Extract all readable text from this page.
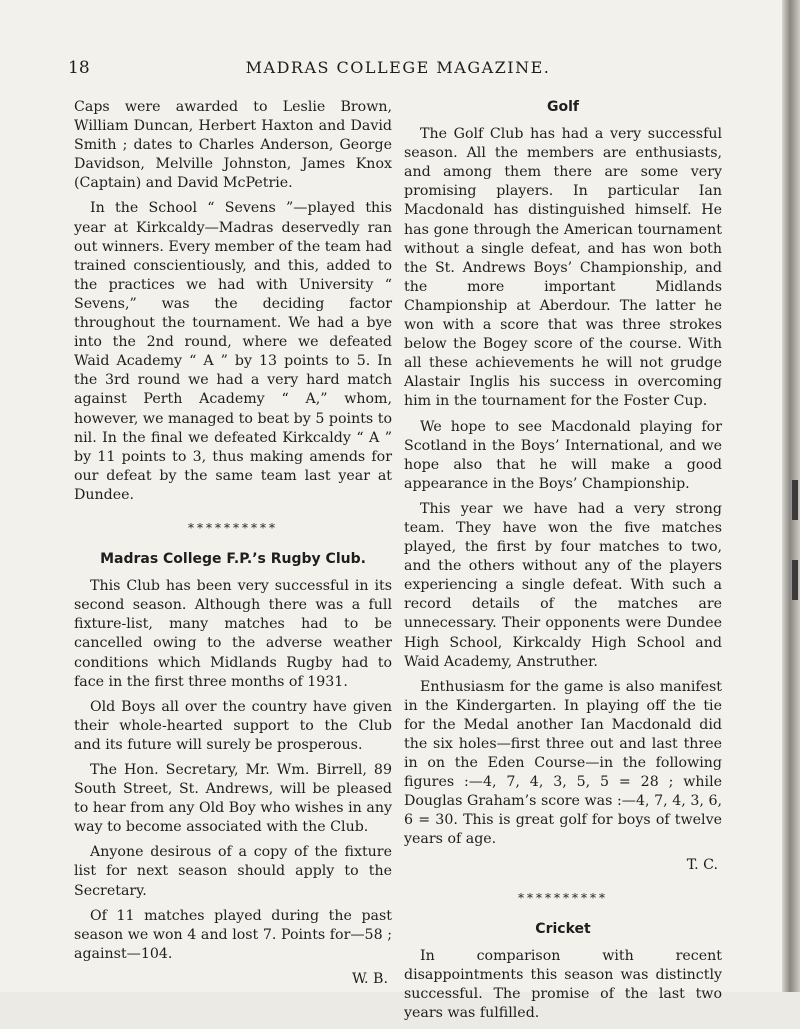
18	MADRAS COLLEGE MAGAZINE.

Caps were awarded to Leslie Brown, William Duncan, Herbert Haxton and David Smith ; dates to Charles Anderson, George Davidson, Melville Johnston, James Knox (Captain) and David McPetrie.

In the School “ Sevens ”—played this year at Kirkcaldy—Madras deservedly ran out winners. Every member of the team had trained conscientiously, and this, added to the practices we had with University “ Sevens,” was the deciding factor throughout the tournament. We had a bye into the 2nd round, where we defeated Waid Academy “ A ” by 13 points to 5. In the 3rd round we had a very hard match against Perth Academy “ A,” whom, however, we managed to beat by 5 points to nil. In the final we defeated Kirkcaldy “ A ” by 11 points to 3, thus making amends for our defeat by the same team last year at Dundee.

**********
Madras College F.P.’s Rugby Club.

This Club has been very successful in its second season. Although there was a full fixture-list, many matches had to be cancelled owing to the adverse weather conditions which Midlands Rugby had to face in the first three months of 1931.

Old Boys all over the country have given their whole-hearted support to the Club and its future will surely be prosperous.

The Hon. Secretary, Mr. Wm. Birrell, 89 South Street, St. Andrews, will be pleased to hear from any Old Boy who wishes in any way to become associated with the Club.

Anyone desirous of a copy of the fixture list for next season should apply to the Secretary.

Of 11 matches played during the past season we won 4 and lost 7. Points for—58 ; against—104.

W. B.
Golf

The Golf Club has had a very successful season. All the members are enthusiasts, and among them there are some very promising players. In particular Ian Macdonald has distinguished himself. He has gone through the American tournament without a single defeat, and has won both the St. Andrews Boys’ Championship, and the more important Midlands Championship at Aberdour. The latter he won with a score that was three strokes below the Bogey score of the course. With all these achievements he will not grudge Alastair Inglis his success in overcoming him in the tournament for the Foster Cup.

We hope to see Macdonald playing for Scotland in the Boys’ International, and we hope also that he will make a good appearance in the Boys’ Championship.

This year we have had a very strong team. They have won the five matches played, the first by four matches to two, and the others without any of the players experiencing a single defeat. With such a record details of the matches are unnecessary. Their opponents were Dundee High School, Kirkcaldy High School and Waid Academy, Anstruther.

Enthusiasm for the game is also manifest in the Kindergarten. In playing off the tie for the Medal another Ian Macdonald did the six holes—first three out and last three in on the Eden Course—in the following figures :—4, 7, 4, 3, 5, 5 = 28 ; while Douglas Graham’s score was :—4, 7, 4, 3, 6, 6 = 30. This is great golf for boys of twelve years of age.

T. C.
**********
Cricket

In comparison with recent disappointments this season was distinctly successful. The promise of the last two years was fulfilled.
